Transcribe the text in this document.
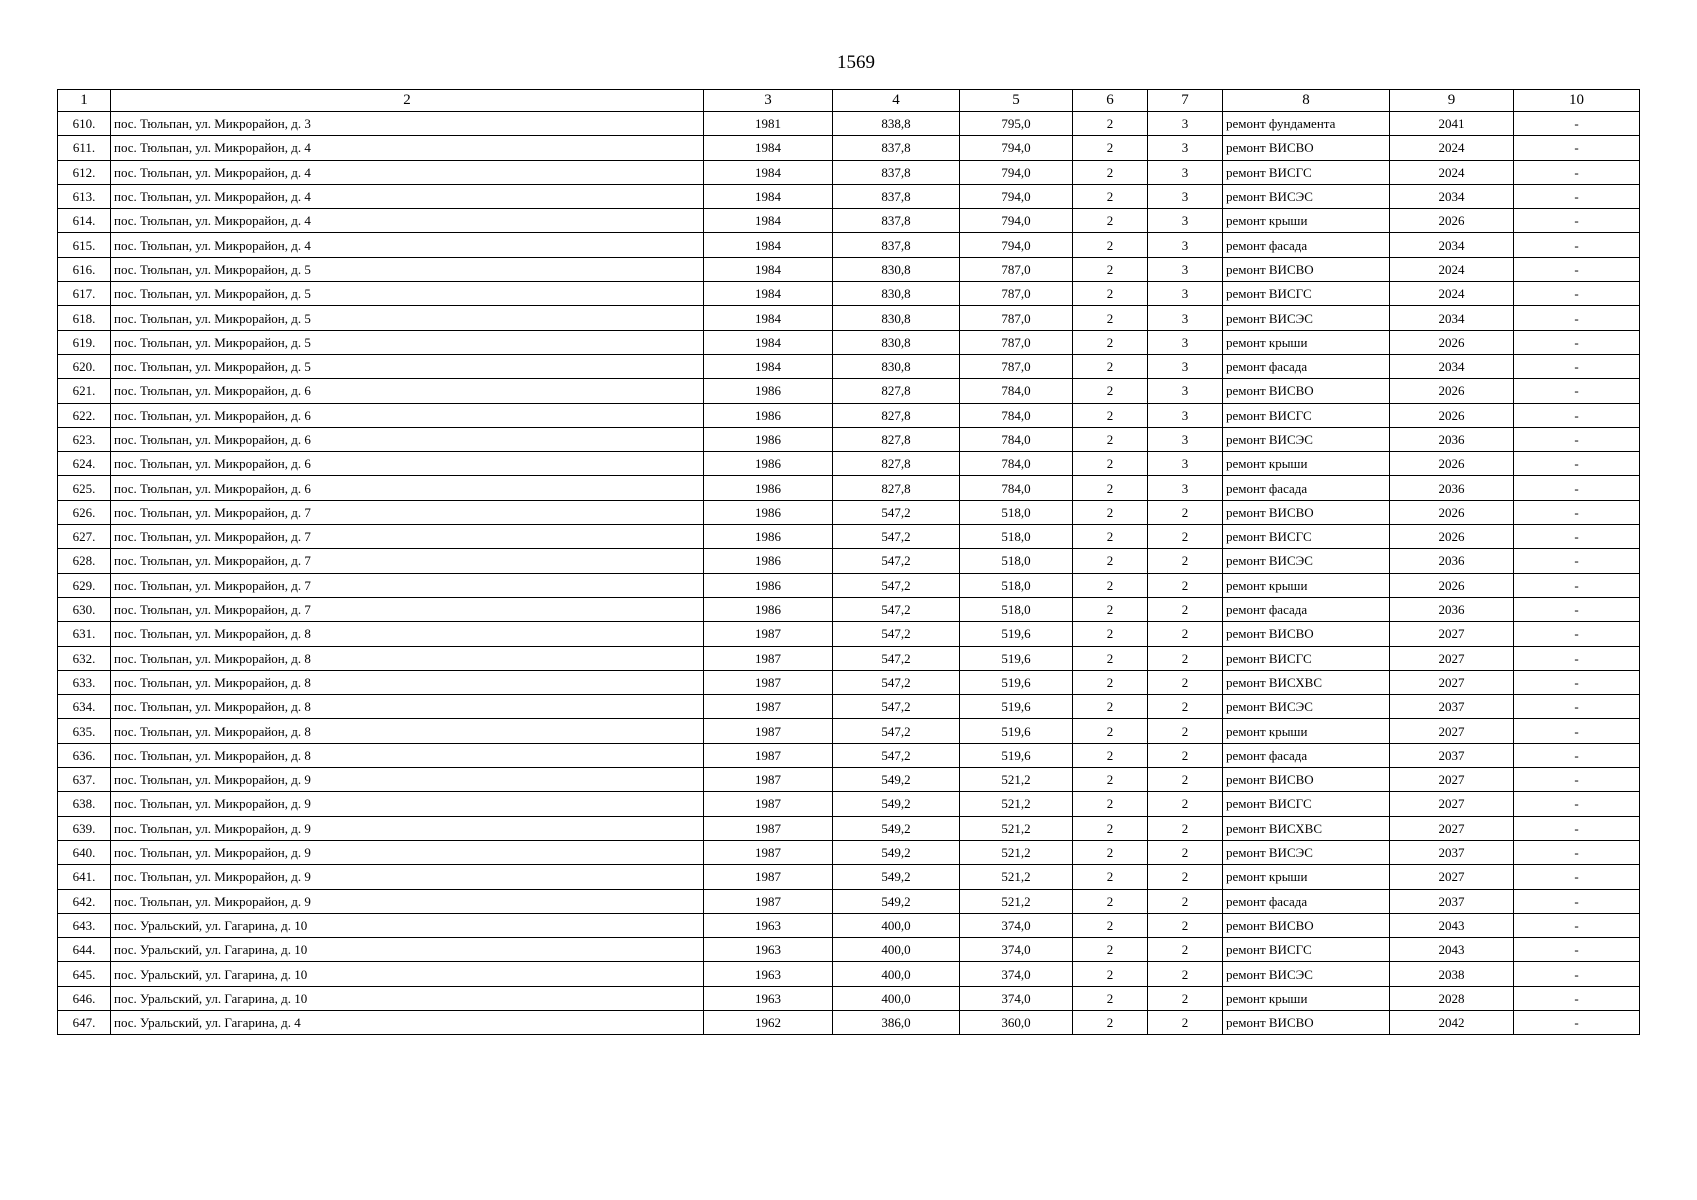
1569
1	2	3	4	5	6	7	8	9	10
610.	пос. Тюльпан, ул. Микрорайон, д. 3	1981	838,8	795,0	2	3	ремонт фундамента	2041	-
611.	пос. Тюльпан, ул. Микрорайон, д. 4	1984	837,8	794,0	2	3	ремонт ВИСВО	2024	-
612.	пос. Тюльпан, ул. Микрорайон, д. 4	1984	837,8	794,0	2	3	ремонт ВИСГС	2024	-
613.	пос. Тюльпан, ул. Микрорайон, д. 4	1984	837,8	794,0	2	3	ремонт ВИСЭС	2034	-
614.	пос. Тюльпан, ул. Микрорайон, д. 4	1984	837,8	794,0	2	3	ремонт крыши	2026	-
615.	пос. Тюльпан, ул. Микрорайон, д. 4	1984	837,8	794,0	2	3	ремонт фасада	2034	-
616.	пос. Тюльпан, ул. Микрорайон, д. 5	1984	830,8	787,0	2	3	ремонт ВИСВО	2024	-
617.	пос. Тюльпан, ул. Микрорайон, д. 5	1984	830,8	787,0	2	3	ремонт ВИСГС	2024	-
618.	пос. Тюльпан, ул. Микрорайон, д. 5	1984	830,8	787,0	2	3	ремонт ВИСЭС	2034	-
619.	пос. Тюльпан, ул. Микрорайон, д. 5	1984	830,8	787,0	2	3	ремонт крыши	2026	-
620.	пос. Тюльпан, ул. Микрорайон, д. 5	1984	830,8	787,0	2	3	ремонт фасада	2034	-
621.	пос. Тюльпан, ул. Микрорайон, д. 6	1986	827,8	784,0	2	3	ремонт ВИСВО	2026	-
622.	пос. Тюльпан, ул. Микрорайон, д. 6	1986	827,8	784,0	2	3	ремонт ВИСГС	2026	-
623.	пос. Тюльпан, ул. Микрорайон, д. 6	1986	827,8	784,0	2	3	ремонт ВИСЭС	2036	-
624.	пос. Тюльпан, ул. Микрорайон, д. 6	1986	827,8	784,0	2	3	ремонт крыши	2026	-
625.	пос. Тюльпан, ул. Микрорайон, д. 6	1986	827,8	784,0	2	3	ремонт фасада	2036	-
626.	пос. Тюльпан, ул. Микрорайон, д. 7	1986	547,2	518,0	2	2	ремонт ВИСВО	2026	-
627.	пос. Тюльпан, ул. Микрорайон, д. 7	1986	547,2	518,0	2	2	ремонт ВИСГС	2026	-
628.	пос. Тюльпан, ул. Микрорайон, д. 7	1986	547,2	518,0	2	2	ремонт ВИСЭС	2036	-
629.	пос. Тюльпан, ул. Микрорайон, д. 7	1986	547,2	518,0	2	2	ремонт крыши	2026	-
630.	пос. Тюльпан, ул. Микрорайон, д. 7	1986	547,2	518,0	2	2	ремонт фасада	2036	-
631.	пос. Тюльпан, ул. Микрорайон, д. 8	1987	547,2	519,6	2	2	ремонт ВИСВО	2027	-
632.	пос. Тюльпан, ул. Микрорайон, д. 8	1987	547,2	519,6	2	2	ремонт ВИСГС	2027	-
633.	пос. Тюльпан, ул. Микрорайон, д. 8	1987	547,2	519,6	2	2	ремонт ВИСХВС	2027	-
634.	пос. Тюльпан, ул. Микрорайон, д. 8	1987	547,2	519,6	2	2	ремонт ВИСЭС	2037	-
635.	пос. Тюльпан, ул. Микрорайон, д. 8	1987	547,2	519,6	2	2	ремонт крыши	2027	-
636.	пос. Тюльпан, ул. Микрорайон, д. 8	1987	547,2	519,6	2	2	ремонт фасада	2037	-
637.	пос. Тюльпан, ул. Микрорайон, д. 9	1987	549,2	521,2	2	2	ремонт ВИСВО	2027	-
638.	пос. Тюльпан, ул. Микрорайон, д. 9	1987	549,2	521,2	2	2	ремонт ВИСГС	2027	-
639.	пос. Тюльпан, ул. Микрорайон, д. 9	1987	549,2	521,2	2	2	ремонт ВИСХВС	2027	-
640.	пос. Тюльпан, ул. Микрорайон, д. 9	1987	549,2	521,2	2	2	ремонт ВИСЭС	2037	-
641.	пос. Тюльпан, ул. Микрорайон, д. 9	1987	549,2	521,2	2	2	ремонт крыши	2027	-
642.	пос. Тюльпан, ул. Микрорайон, д. 9	1987	549,2	521,2	2	2	ремонт фасада	2037	-
643.	пос. Уральский, ул. Гагарина, д. 10	1963	400,0	374,0	2	2	ремонт ВИСВО	2043	-
644.	пос. Уральский, ул. Гагарина, д. 10	1963	400,0	374,0	2	2	ремонт ВИСГС	2043	-
645.	пос. Уральский, ул. Гагарина, д. 10	1963	400,0	374,0	2	2	ремонт ВИСЭС	2038	-
646.	пос. Уральский, ул. Гагарина, д. 10	1963	400,0	374,0	2	2	ремонт крыши	2028	-
647.	пос. Уральский, ул. Гагарина, д. 4	1962	386,0	360,0	2	2	ремонт ВИСВО	2042	-
